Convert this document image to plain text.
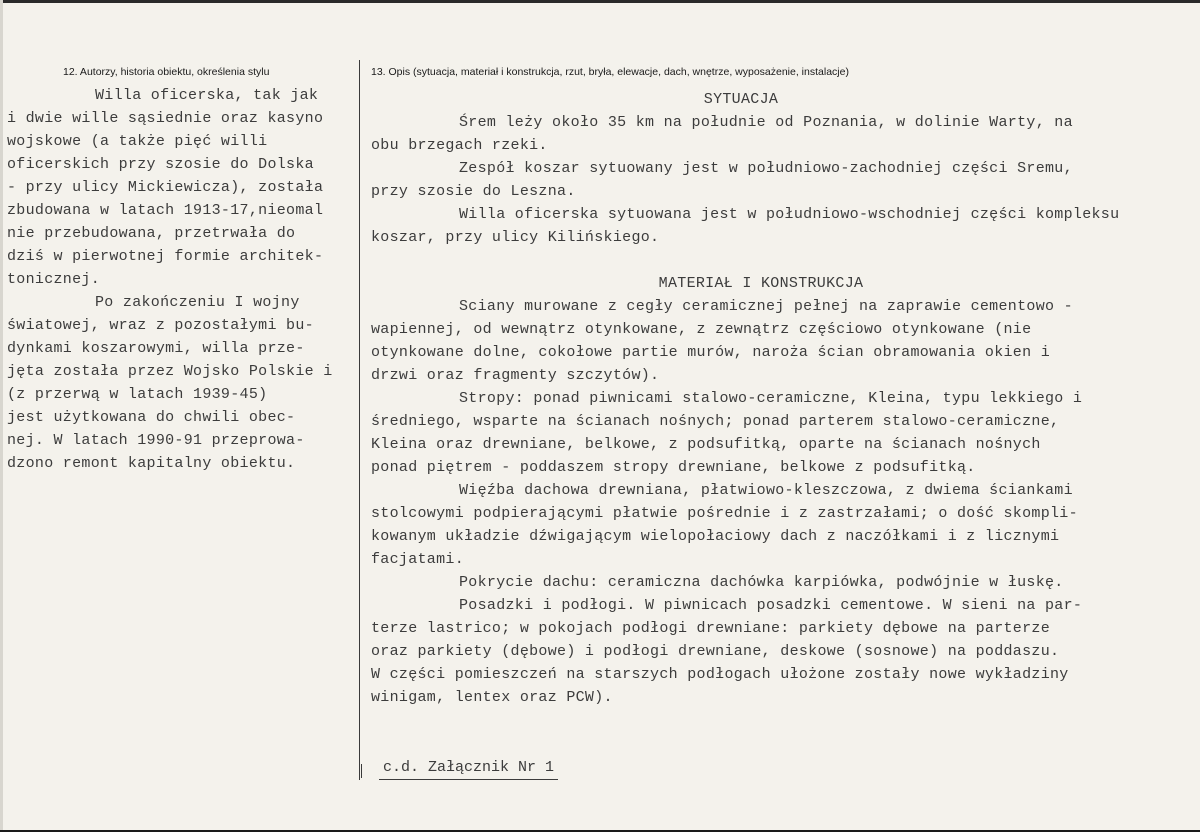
12. Autorzy, historia obiektu, określenia stylu	13. Opis (sytuacja, materiał i konstrukcja, rzut, bryła, elewacje, dach, wnętrze, wyposażenie, instalacje)
Willa oficerska, tak jak
i dwie wille sąsiednie oraz kasyno
wojskowe (a także pięć willi
oficerskich przy szosie do Dolska
- przy ulicy Mickiewicza), została
zbudowana w latach 1913-17,nieomal
nie przebudowana, przetrwała do
dziś w pierwotnej formie architek-
tonicznej.
Po zakończeniu I wojny
światowej, wraz z pozostałymi bu-
dynkami koszarowymi, willa prze-
jęta została przez Wojsko Polskie i
(z przerwą w latach 1939-45)
jest użytkowana do chwili obec-
nej. W latach 1990-91 przeprowa-
dzono remont kapitalny obiektu.
SYTUACJA
Śrem leży około 35 km na południe od Poznania, w dolinie Warty, na
obu brzegach rzeki.
Zespół koszar sytuowany jest w południowo-zachodniej części Sremu,
przy szosie do Leszna.
Willa oficerska sytuowana jest w południowo-wschodniej części kompleksu
koszar, przy ulicy Kilińskiego.
MATERIAŁ I KONSTRUKCJA
Sciany murowane z cegły ceramicznej pełnej na zaprawie cementowo -
wapiennej, od wewnątrz otynkowane, z zewnątrz częściowo otynkowane (nie
otynkowane dolne, cokołowe partie murów, naroża ścian obramowania okien i
drzwi oraz fragmenty szczytów).
Stropy: ponad piwnicami stalowo-ceramiczne, Kleina, typu lekkiego i
średniego, wsparte na ścianach nośnych; ponad parterem stalowo-ceramiczne,
Kleina oraz drewniane, belkowe, z podsufitką, oparte na ścianach nośnych
ponad piętrem - poddaszem stropy drewniane, belkowe z podsufitką.
Więźba dachowa drewniana, płatwiowo-kleszczowa, z dwiema ściankami
stolcowymi podpierającymi płatwie pośrednie i z zastrzałami; o dość skompli-
kowanym układzie dźwigającym wielopołaciowy dach z naczółkami i z licznymi
facjatami.
Pokrycie dachu: ceramiczna dachówka karpiówka, podwójnie w łuskę.
Posadzki i podłogi. W piwnicach posadzki cementowe. W sieni na par-
terze lastrico; w pokojach podłogi drewniane: parkiety dębowe na parterze
oraz parkiety (dębowe) i podłogi drewniane, deskowe (sosnowe) na poddaszu.
W części pomieszczeń na starszych podłogach ułożone zostały nowe wykładziny
winigam, lentex oraz PCW).
c.d. Załącznik Nr 1
